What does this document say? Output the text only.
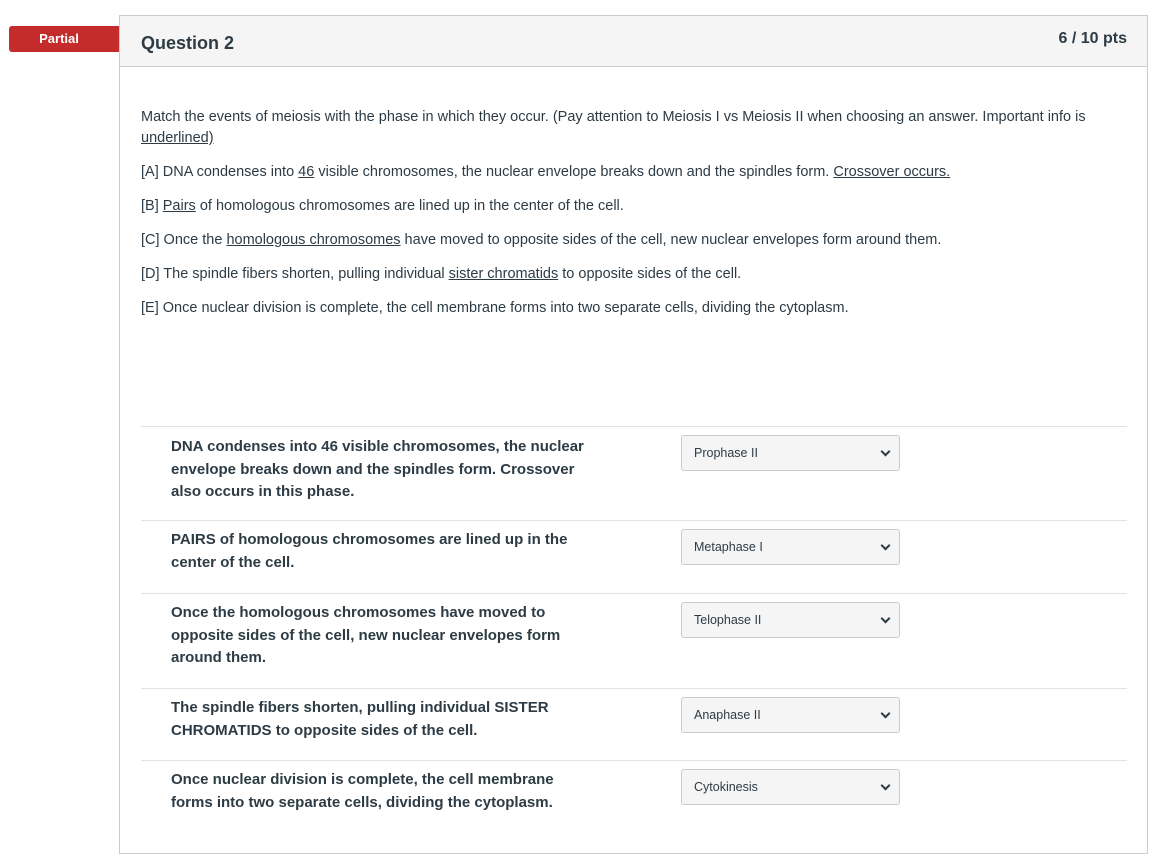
Partial	Question 2	6 / 10 pts

Match the events of meiosis with the phase in which they occur. (Pay attention to Meiosis I vs Meiosis II when choosing an answer. Important info is underlined)

[A] DNA condenses into 46 visible chromosomes, the nuclear envelope breaks down and the spindles form. Crossover occurs.

[B] Pairs of homologous chromosomes are lined up in the center of the cell.

[C] Once the homologous chromosomes have moved to opposite sides of the cell, new nuclear envelopes form around them.

[D] The spindle fibers shorten, pulling individual sister chromatids to opposite sides of the cell.

[E] Once nuclear division is complete, the cell membrane forms into two separate cells, dividing the cytoplasm.

DNA condenses into 46 visible chromosomes, the nuclear envelope breaks down and the spindles form. Crossover also occurs in this phase.
Prophase II
PAIRS of homologous chromosomes are lined up in the center of the cell.
Metaphase I
Once the homologous chromosomes have moved to opposite sides of the cell, new nuclear envelopes form around them.
Telophase II
The spindle fibers shorten, pulling individual SISTER CHROMATIDS to opposite sides of the cell.
Anaphase II
Once nuclear division is complete, the cell membrane forms into two separate cells, dividing the cytoplasm.
Cytokinesis
